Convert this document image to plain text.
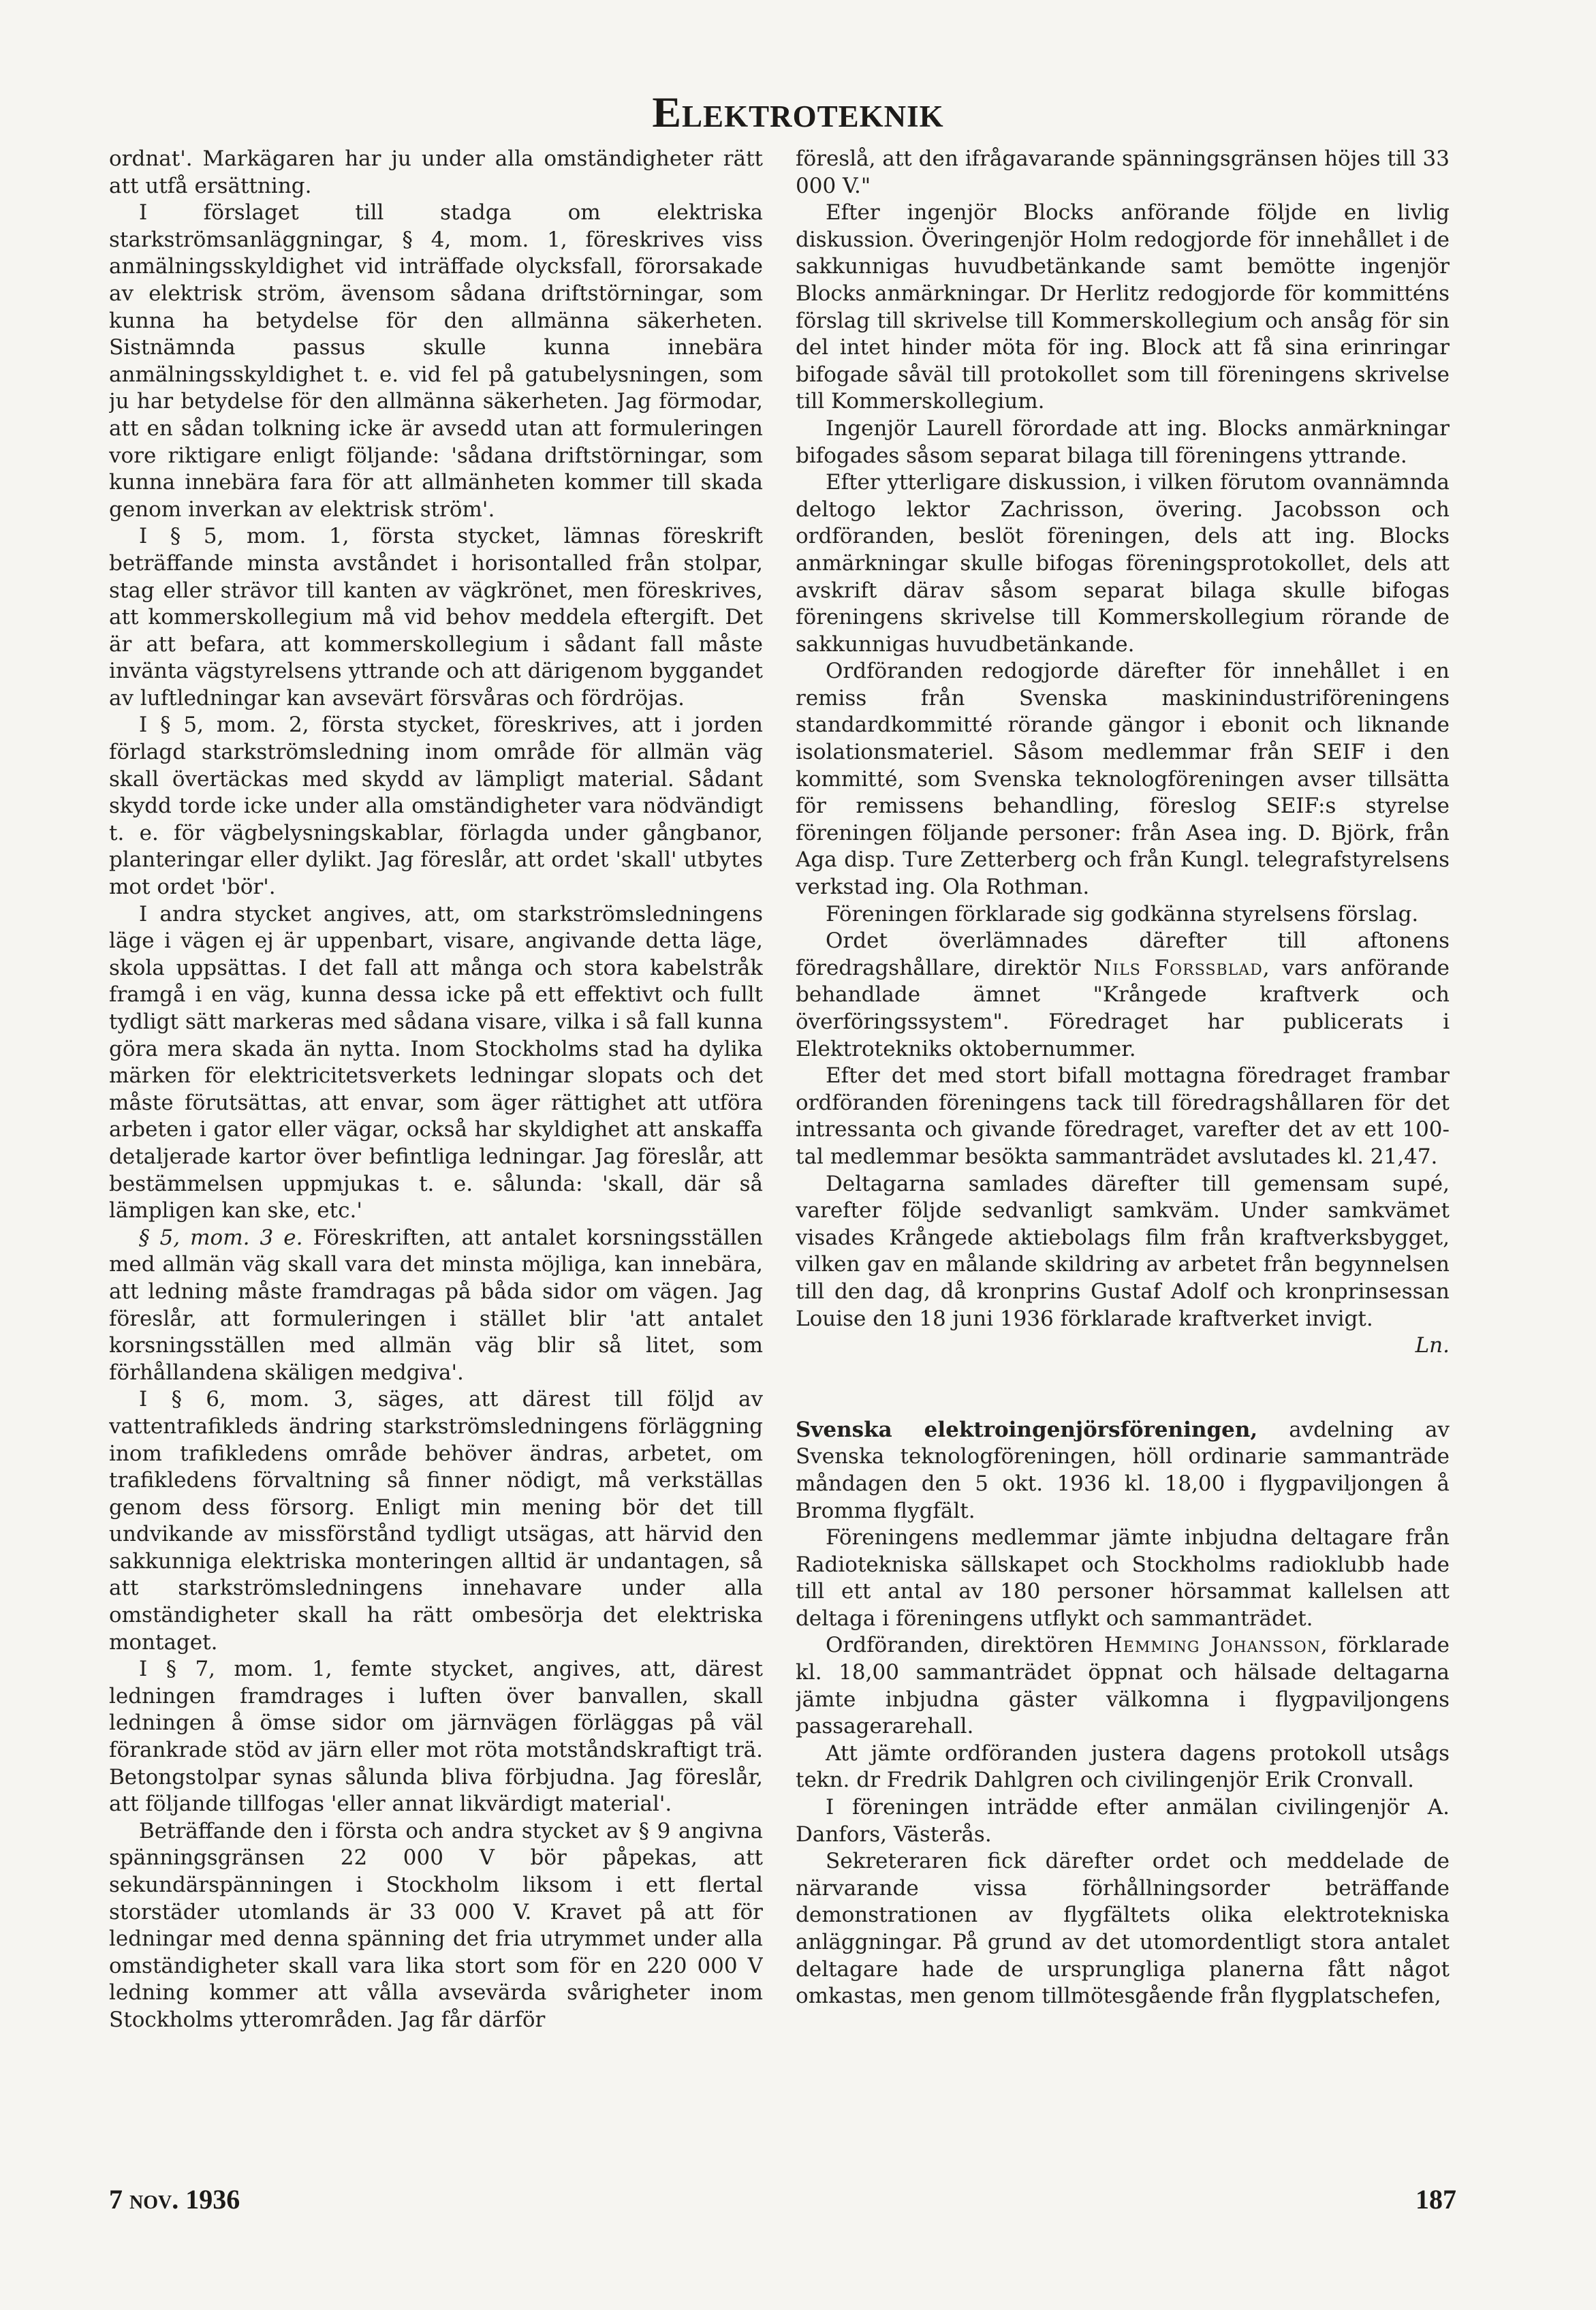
Elektroteknik

ordnat'. Markägaren har ju under alla omständigheter rätt att utfå ersättning.

I förslaget till stadga om elektriska starkströmsanläggningar, § 4, mom. 1, föreskrives viss anmälningsskyldighet vid inträffade olycksfall, förorsakade av elektrisk ström, ävensom sådana driftstörningar, som kunna ha betydelse för den allmänna säkerheten. Sistnämnda passus skulle kunna innebära anmälningsskyldighet t. e. vid fel på gatubelysningen, som ju har betydelse för den allmänna säkerheten. Jag förmodar, att en sådan tolkning icke är avsedd utan att formuleringen vore riktigare enligt följande: 'sådana driftstörningar, som kunna innebära fara för att allmänheten kommer till skada genom inverkan av elektrisk ström'.

I § 5, mom. 1, första stycket, lämnas föreskrift beträffande minsta avståndet i horisontalled från stolpar, stag eller strävor till kanten av vägkrönet, men föreskrives, att kommerskollegium må vid behov meddela eftergift. Det är att befara, att kommerskollegium i sådant fall måste invänta vägstyrelsens yttrande och att därigenom byggandet av luftledningar kan avsevärt försvåras och fördröjas.

I § 5, mom. 2, första stycket, föreskrives, att i jorden förlagd starkströmsledning inom område för allmän väg skall övertäckas med skydd av lämpligt material. Sådant skydd torde icke under alla omständigheter vara nödvändigt t. e. för vägbelysningskablar, förlagda under gångbanor, planteringar eller dylikt. Jag föreslår, att ordet 'skall' utbytes mot ordet 'bör'.

I andra stycket angives, att, om starkströmsledningens läge i vägen ej är uppenbart, visare, angivande detta läge, skola uppsättas. I det fall att många och stora kabelstråk framgå i en väg, kunna dessa icke på ett effektivt och fullt tydligt sätt markeras med sådana visare, vilka i så fall kunna göra mera skada än nytta. Inom Stockholms stad ha dylika märken för elektricitetsverkets ledningar slopats och det måste förutsättas, att envar, som äger rättighet att utföra arbeten i gator eller vägar, också har skyldighet att anskaffa detaljerade kartor över befintliga ledningar. Jag föreslår, att bestämmelsen uppmjukas t. e. sålunda: 'skall, där så lämpligen kan ske, etc.'

§ 5, mom. 3 e. Föreskriften, att antalet korsningsställen med allmän väg skall vara det minsta möjliga, kan innebära, att ledning måste framdragas på båda sidor om vägen. Jag föreslår, att formuleringen i stället blir 'att antalet korsningsställen med allmän väg blir så litet, som förhållandena skäligen medgiva'.

I § 6, mom. 3, säges, att därest till följd av vattentrafikleds ändring starkströmsledningens förläggning inom trafikledens område behöver ändras, arbetet, om trafikledens förvaltning så finner nödigt, må verkställas genom dess försorg. Enligt min mening bör det till undvikande av missförstånd tydligt utsägas, att härvid den sakkunniga elektriska monteringen alltid är undantagen, så att starkströmsledningens innehavare under alla omständigheter skall ha rätt ombesörja det elektriska montaget.

I § 7, mom. 1, femte stycket, angives, att, därest ledningen framdrages i luften över banvallen, skall ledningen å ömse sidor om järnvägen förläggas på väl förankrade stöd av järn eller mot röta motståndskraftigt trä. Betongstolpar synas sålunda bliva förbjudna. Jag föreslår, att följande tillfogas 'eller annat likvärdigt material'.

Beträffande den i första och andra stycket av § 9 angivna spänningsgränsen 22 000 V bör påpekas, att sekundärspänningen i Stockholm liksom i ett flertal storstäder utomlands är 33 000 V. Kravet på att för ledningar med denna spänning det fria utrymmet under alla omständigheter skall vara lika stort som för en 220 000 V ledning kommer att vålla avsevärda svårigheter inom Stockholms ytterområden. Jag får därför

föreslå, att den ifrågavarande spänningsgränsen höjes till 33 000 V."

Efter ingenjör Blocks anförande följde en livlig diskussion. Överingenjör Holm redogjorde för innehållet i de sakkunnigas huvudbetänkande samt bemötte ingenjör Blocks anmärkningar. Dr Herlitz redogjorde för kommitténs förslag till skrivelse till Kommerskollegium och ansåg för sin del intet hinder möta för ing. Block att få sina erinringar bifogade såväl till protokollet som till föreningens skrivelse till Kommerskollegium.

Ingenjör Laurell förordade att ing. Blocks anmärkningar bifogades såsom separat bilaga till föreningens yttrande.

Efter ytterligare diskussion, i vilken förutom ovannämnda deltogo lektor Zachrisson, övering. Jacobsson och ordföranden, beslöt föreningen, dels att ing. Blocks anmärkningar skulle bifogas föreningsprotokollet, dels att avskrift därav såsom separat bilaga skulle bifogas föreningens skrivelse till Kommerskollegium rörande de sakkunnigas huvudbetänkande.

Ordföranden redogjorde därefter för innehållet i en remiss från Svenska maskinindustriföreningens standardkommitté rörande gängor i ebonit och liknande isolationsmateriel. Såsom medlemmar från SEIF i den kommitté, som Svenska teknologföreningen avser tillsätta för remissens behandling, föreslog SEIF:s styrelse föreningen följande personer: från Asea ing. D. Björk, från Aga disp. Ture Zetterberg och från Kungl. telegrafstyrelsens verkstad ing. Ola Rothman.

Föreningen förklarade sig godkänna styrelsens förslag.

Ordet överlämnades därefter till aftonens föredragshållare, direktör Nils Forssblad, vars anförande behandlade ämnet "Krångede kraftverk och överföringssystem". Föredraget har publicerats i Elektrotekniks oktobernummer.

Efter det med stort bifall mottagna föredraget frambar ordföranden föreningens tack till föredragshållaren för det intressanta och givande föredraget, varefter det av ett 100-tal medlemmar besökta sammanträdet avslutades kl. 21,47.

Deltagarna samlades därefter till gemensam supé, varefter följde sedvanligt samkväm. Under samkvämet visades Krångede aktiebolags film från kraftverksbygget, vilken gav en målande skildring av arbetet från begynnelsen till den dag, då kronprins Gustaf Adolf och kronprinsessan Louise den 18 juni 1936 förklarade kraftverket invigt.

Ln.

Svenska elektroingenjörsföreningen, avdelning av Svenska teknologföreningen, höll ordinarie sammanträde måndagen den 5 okt. 1936 kl. 18,00 i flygpaviljongen å Bromma flygfält.

Föreningens medlemmar jämte inbjudna deltagare från Radiotekniska sällskapet och Stockholms radioklubb hade till ett antal av 180 personer hörsammat kallelsen att deltaga i föreningens utflykt och sammanträdet.

Ordföranden, direktören Hemming Johansson, förklarade kl. 18,00 sammanträdet öppnat och hälsade deltagarna jämte inbjudna gäster välkomna i flygpaviljongens passagerarehall.

Att jämte ordföranden justera dagens protokoll utsågs tekn. dr Fredrik Dahlgren och civilingenjör Erik Cronvall.

I föreningen inträdde efter anmälan civilingenjör A. Danfors, Västerås.

Sekreteraren fick därefter ordet och meddelade de närvarande vissa förhållningsorder beträffande demonstrationen av flygfältets olika elektrotekniska anläggningar. På grund av det utomordentligt stora antalet deltagare hade de ursprungliga planerna fått något omkastas, men genom tillmötesgående från flygplatschefen,

7 nov. 1936	187
